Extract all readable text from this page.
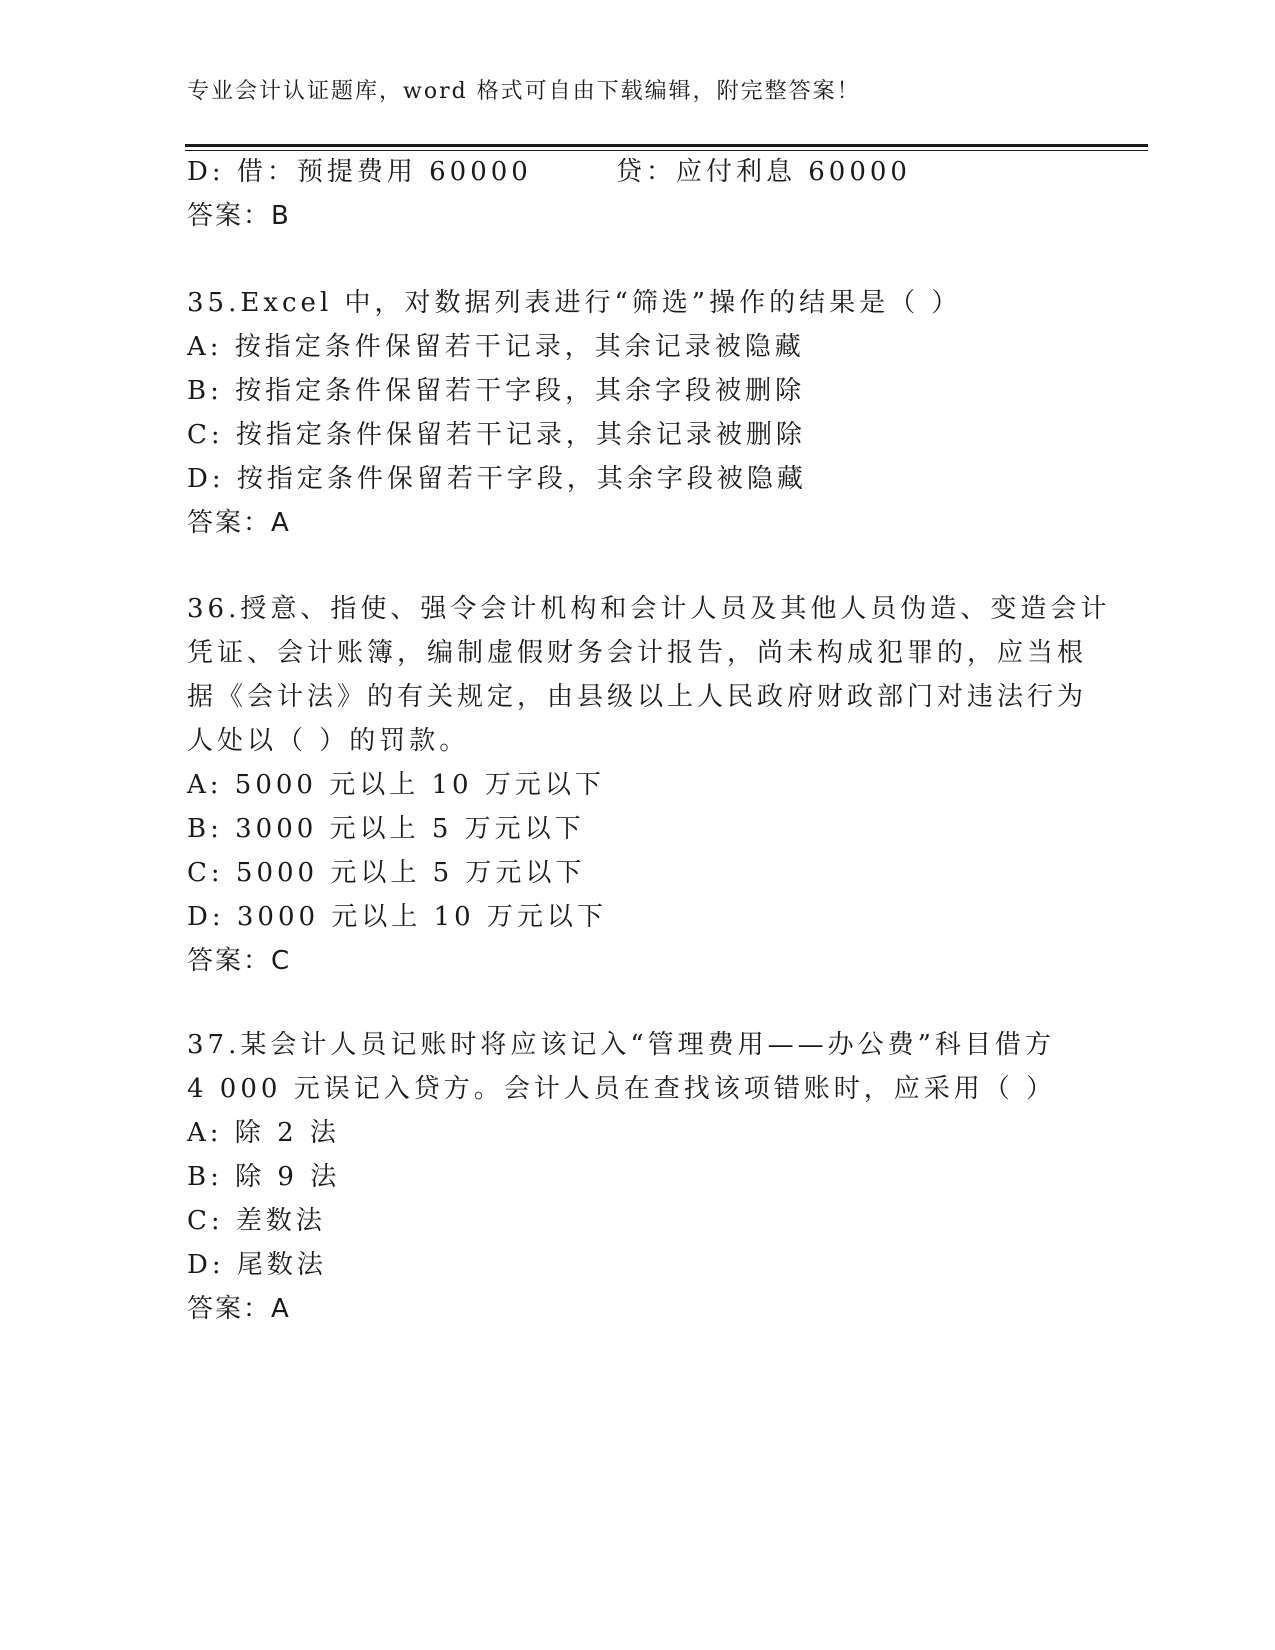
专业会计认证题库，word 格式可自由下载编辑，附完整答案！
D: 借：预提费用 60000	贷：应付利息 60000
答案：B
35.Excel 中，对数据列表进行“筛选”操作的结果是（ ）
A: 按指定条件保留若干记录，其余记录被隐藏
B: 按指定条件保留若干字段，其余字段被删除
C: 按指定条件保留若干记录，其余记录被删除
D: 按指定条件保留若干字段，其余字段被隐藏
答案：A
36.授意、指使、强令会计机构和会计人员及其他人员伪造、变造会计
凭证、会计账簿，编制虚假财务会计报告，尚未构成犯罪的，应当根
据《会计法》的有关规定，由县级以上人民政府财政部门对违法行为
人处以（ ）的罚款。
A: 5000 元以上 10 万元以下
B: 3000 元以上 5 万元以下
C: 5000 元以上 5 万元以下
D: 3000 元以上 10 万元以下
答案：C
37.某会计人员记账时将应该记入“管理费用——办公费”科目借方
4 000 元误记入贷方。会计人员在查找该项错账时，应采用（ ）
A: 除 2 法
B: 除 9 法
C: 差数法
D: 尾数法
答案：A
